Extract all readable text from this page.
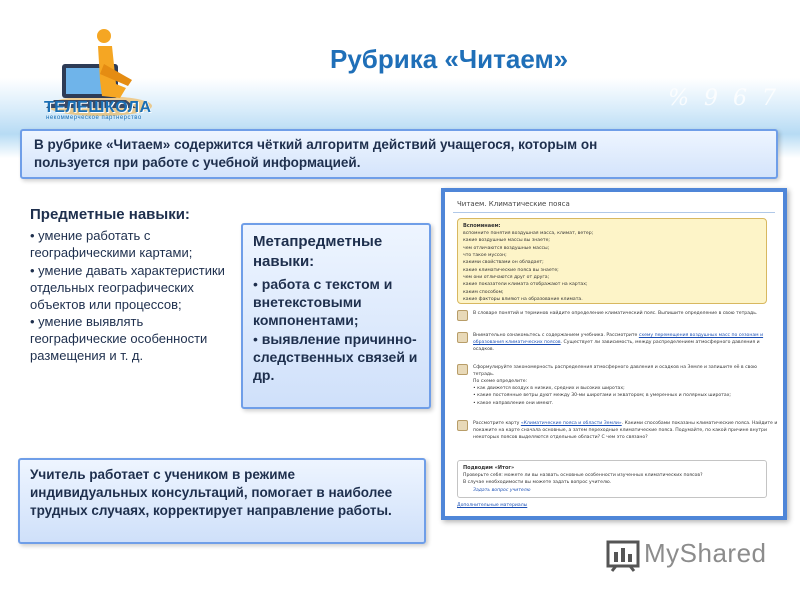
% 9 6 7
ТЕЛЕШКОЛА
некоммерческое партнерство
Рубрика «Читаем»
В рубрике «Читаем» содержится чёткий алгоритм действий учащегося, которым он
пользуется при работе с учебной информацией.
Предметные навыки:
• умение работать с географическими картами;
• умение давать характеристики отдельных географических объектов или процессов;
• умение выявлять географические особенности размещения и т. д.
Метапредметные навыки:
• работа с текстом и внетекстовыми компонентами;
• выявление причинно-следственных связей и др.
Учитель работает с учеником в режиме индивидуальных консультаций, помогает в наиболее трудных случаях, корректирует направление работы.
Читаем. Климатические пояса
Вспоминаем:
вспомните понятия воздушная масса, климат, ветер;
какие воздушные массы вы знаете;
чем отличаются воздушные массы;
что такое муссон;
какими свойствами он обладает;
какие климатические пояса вы знаете;
чем они отличаются друг от друга;
какие показатели климата отображают на картах;
каким способом;
какие факторы влияют на образование климата.
В словаре понятий и терминов найдите определение климатический пояс. Выпишите определение в свою тетрадь.
Внимательно ознакомьтесь с содержанием учебника. Рассмотрите схему перемещения воздушных масс по сезонам и образования климатических поясов. Существует ли зависимость, между распределением атмосферного давления и осадков.
Сформулируйте закономерность распределения атмосферного давления и осадков на Земле и запишите её в свою тетрадь.
По схеме определите:
• как движется воздух в низких, средних и высоких широтах;
• какие постоянные ветры дуют между 30-ми широтами и экватором; в умеренных и полярных широтах;
• какое направление они имеют.
Рассмотрите карту «Климатические пояса и области Земли». Какими способами показаны климатические пояса. Найдите и покажите на карте сначала основные, а затем переходные климатические пояса. Подумайте, по какой причине внутри некоторых поясов выделяются отдельные области? С чем это связано?
Подводим «Итог»
Проверьте себя: можете ли вы назвать основные особенности изученных климатических поясов?
В случае необходимости вы можете задать вопрос учителю.
Задать вопрос учителю
Дополнительные материалы
MyShared
